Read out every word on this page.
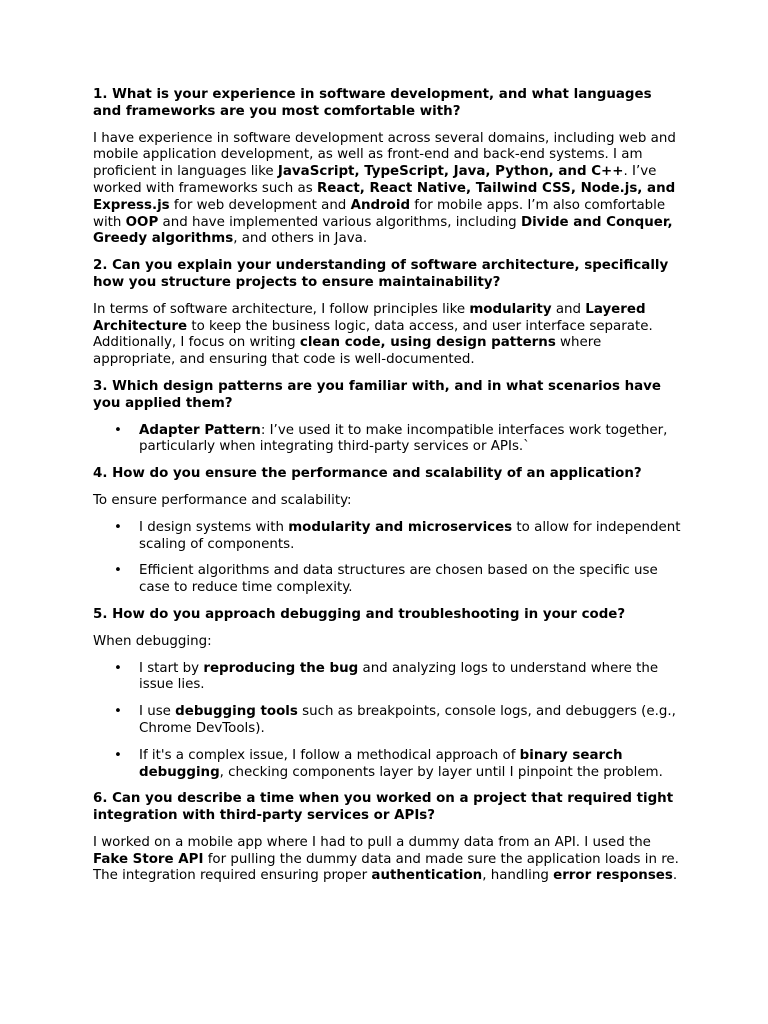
1. What is your experience in software development, and what languages and frameworks are you most comfortable with?
I have experience in software development across several domains, including web and mobile application development, as well as front-end and back-end systems. I am proficient in languages like JavaScript, TypeScript, Java, Python, and C++. I’ve worked with frameworks such as React, React Native, Tailwind CSS, Node.js, and Express.js for web development and Android for mobile apps. I’m also comfortable with OOP and have implemented various algorithms, including Divide and Conquer, Greedy algorithms, and others in Java.
2. Can you explain your understanding of software architecture, specifically how you structure projects to ensure maintainability?
In terms of software architecture, I follow principles like modularity and Layered Architecture to keep the business logic, data access, and user interface separate. Additionally, I focus on writing clean code, using design patterns where appropriate, and ensuring that code is well-documented.
3. Which design patterns are you familiar with, and in what scenarios have you applied them?
• Adapter Pattern: I’ve used it to make incompatible interfaces work together, particularly when integrating third-party services or APIs.`
4. How do you ensure the performance and scalability of an application?
To ensure performance and scalability:
• I design systems with modularity and microservices to allow for independent scaling of components.
• Efficient algorithms and data structures are chosen based on the specific use case to reduce time complexity.
5. How do you approach debugging and troubleshooting in your code?
When debugging:
• I start by reproducing the bug and analyzing logs to understand where the issue lies.
• I use debugging tools such as breakpoints, console logs, and debuggers (e.g., Chrome DevTools).
• If it's a complex issue, I follow a methodical approach of binary search debugging, checking components layer by layer until I pinpoint the problem.
6. Can you describe a time when you worked on a project that required tight integration with third-party services or APIs?
I worked on a mobile app where I had to pull a dummy data from an API. I used the Fake Store API for pulling the dummy data and made sure the application loads in re. The integration required ensuring proper authentication, handling error responses.
